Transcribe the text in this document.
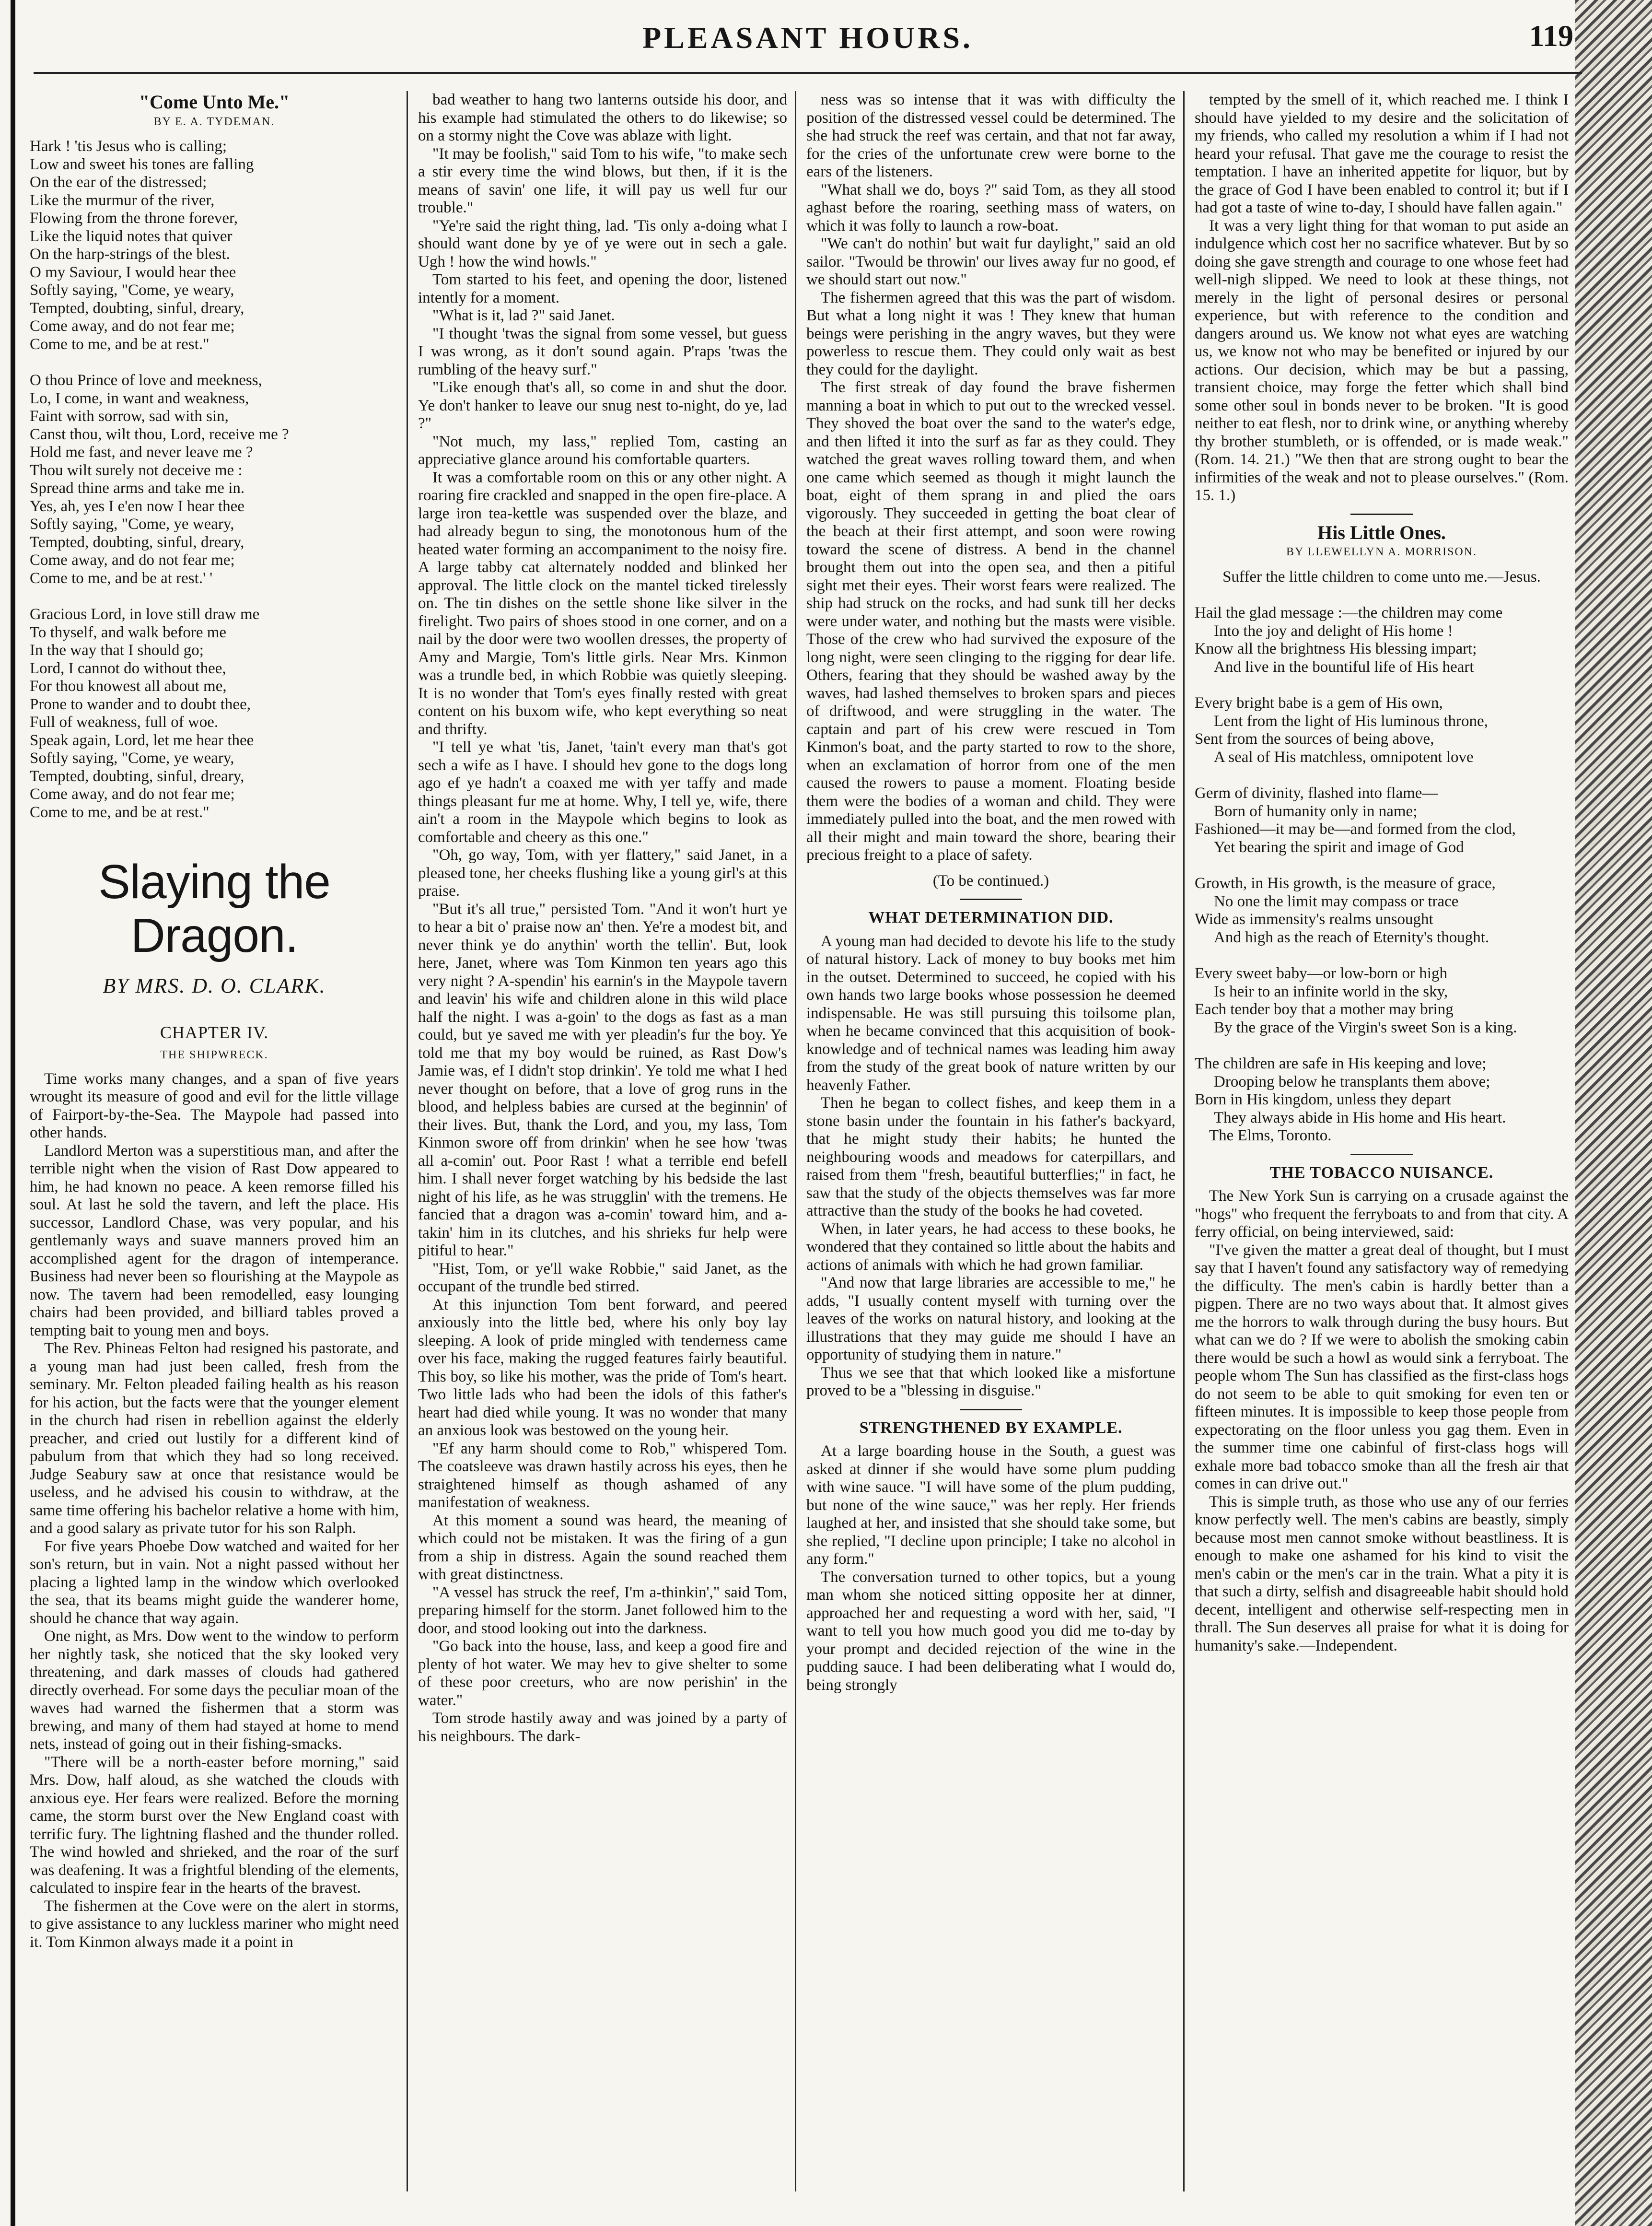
PLEASANT HOURS.	119
"Come Unto Me."
BY E. A. TYDEMAN.

Hark ! 'tis Jesus who is calling;

Low and sweet his tones are falling

On the ear of the distressed;

Like the murmur of the river,

Flowing from the throne forever,

Like the liquid notes that quiver

On the harp-strings of the blest.

O my Saviour, I would hear thee

Softly saying, "Come, ye weary,

Tempted, doubting, sinful, dreary,

Come away, and do not fear me;

Come to me, and be at rest."

O thou Prince of love and meekness,

Lo, I come, in want and weakness,

Faint with sorrow, sad with sin,

Canst thou, wilt thou, Lord, receive me ?

Hold me fast, and never leave me ?

Thou wilt surely not deceive me :

Spread thine arms and take me in.

Yes, ah, yes I e'en now I hear thee

Softly saying, "Come, ye weary,

Tempted, doubting, sinful, dreary,

Come away, and do not fear me;

Come to me, and be at rest.' '

Gracious Lord, in love still draw me

To thyself, and walk before me

In the way that I should go;

Lord, I cannot do without thee,

For thou knowest all about me,

Prone to wander and to doubt thee,

Full of weakness, full of woe.

Speak again, Lord, let me hear thee

Softly saying, "Come, ye weary,

Tempted, doubting, sinful, dreary,

Come away, and do not fear me;

Come to me, and be at rest."

Slaying the Dragon.
BY MRS. D. O. CLARK.
CHAPTER IV.
THE SHIPWRECK.

Time works many changes, and a span of five years wrought its measure of good and evil for the little village of Fairport-by-the-Sea. The Maypole had passed into other hands.

Landlord Merton was a superstitious man, and after the terrible night when the vision of Rast Dow appeared to him, he had known no peace. A keen remorse filled his soul. At last he sold the tavern, and left the place. His successor, Landlord Chase, was very popular, and his gentlemanly ways and suave manners proved him an accomplished agent for the dragon of intemperance. Business had never been so flourishing at the Maypole as now. The tavern had been remodelled, easy lounging chairs had been provided, and billiard tables proved a tempting bait to young men and boys.

The Rev. Phineas Felton had resigned his pastorate, and a young man had just been called, fresh from the seminary. Mr. Felton pleaded failing health as his reason for his action, but the facts were that the younger element in the church had risen in rebellion against the elderly preacher, and cried out lustily for a different kind of pabulum from that which they had so long received. Judge Seabury saw at once that resistance would be useless, and he advised his cousin to withdraw, at the same time offering his bachelor relative a home with him, and a good salary as private tutor for his son Ralph.

For five years Phoebe Dow watched and waited for her son's return, but in vain. Not a night passed without her placing a lighted lamp in the window which overlooked the sea, that its beams might guide the wanderer home, should he chance that way again.

One night, as Mrs. Dow went to the window to perform her nightly task, she noticed that the sky looked very threatening, and dark masses of clouds had gathered directly overhead. For some days the peculiar moan of the waves had warned the fishermen that a storm was brewing, and many of them had stayed at home to mend nets, instead of going out in their fishing-smacks.

"There will be a north-easter before morning," said Mrs. Dow, half aloud, as she watched the clouds with anxious eye. Her fears were realized. Before the morning came, the storm burst over the New England coast with terrific fury. The lightning flashed and the thunder rolled. The wind howled and shrieked, and the roar of the surf was deafening. It was a frightful blending of the elements, calculated to inspire fear in the hearts of the bravest.

The fishermen at the Cove were on the alert in storms, to give assistance to any luckless mariner who might need it. Tom Kinmon always made it a point in

bad weather to hang two lanterns outside his door, and his example had stimulated the others to do likewise; so on a stormy night the Cove was ablaze with light.

"It may be foolish," said Tom to his wife, "to make sech a stir every time the wind blows, but then, if it is the means of savin' one life, it will pay us well fur our trouble."

"Ye're said the right thing, lad. 'Tis only a-doing what I should want done by ye of ye were out in sech a gale. Ugh ! how the wind howls."

Tom started to his feet, and opening the door, listened intently for a moment.

"What is it, lad ?" said Janet.

"I thought 'twas the signal from some vessel, but guess I was wrong, as it don't sound again. P'raps 'twas the rumbling of the heavy surf."

"Like enough that's all, so come in and shut the door. Ye don't hanker to leave our snug nest to-night, do ye, lad ?"

"Not much, my lass," replied Tom, casting an appreciative glance around his comfortable quarters.

It was a comfortable room on this or any other night. A roaring fire crackled and snapped in the open fire-place. A large iron tea-kettle was suspended over the blaze, and had already begun to sing, the monotonous hum of the heated water forming an accompaniment to the noisy fire. A large tabby cat alternately nodded and blinked her approval. The little clock on the mantel ticked tirelessly on. The tin dishes on the settle shone like silver in the firelight. Two pairs of shoes stood in one corner, and on a nail by the door were two woollen dresses, the property of Amy and Margie, Tom's little girls. Near Mrs. Kinmon was a trundle bed, in which Robbie was quietly sleeping. It is no wonder that Tom's eyes finally rested with great content on his buxom wife, who kept everything so neat and thrifty.

"I tell ye what 'tis, Janet, 'tain't every man that's got sech a wife as I have. I should hev gone to the dogs long ago ef ye hadn't a coaxed me with yer taffy and made things pleasant fur me at home. Why, I tell ye, wife, there ain't a room in the Maypole which begins to look as comfortable and cheery as this one."

"Oh, go way, Tom, with yer flattery," said Janet, in a pleased tone, her cheeks flushing like a young girl's at this praise.

"But it's all true," persisted Tom. "And it won't hurt ye to hear a bit o' praise now an' then. Ye're a modest bit, and never think ye do anythin' worth the tellin'. But, look here, Janet, where was Tom Kinmon ten years ago this very night ? A-spendin' his earnin's in the Maypole tavern and leavin' his wife and children alone in this wild place half the night. I was a-goin' to the dogs as fast as a man could, but ye saved me with yer pleadin's fur the boy. Ye told me that my boy would be ruined, as Rast Dow's Jamie was, ef I didn't stop drinkin'. Ye told me what I hed never thought on before, that a love of grog runs in the blood, and helpless babies are cursed at the beginnin' of their lives. But, thank the Lord, and you, my lass, Tom Kinmon swore off from drinkin' when he see how 'twas all a-comin' out. Poor Rast ! what a terrible end befell him. I shall never forget watching by his bedside the last night of his life, as he was strugglin' with the tremens. He fancied that a dragon was a-comin' toward him, and a-takin' him in its clutches, and his shrieks fur help were pitiful to hear."

"Hist, Tom, or ye'll wake Robbie," said Janet, as the occupant of the trundle bed stirred.

At this injunction Tom bent forward, and peered anxiously into the little bed, where his only boy lay sleeping. A look of pride mingled with tenderness came over his face, making the rugged features fairly beautiful. This boy, so like his mother, was the pride of Tom's heart. Two little lads who had been the idols of this father's heart had died while young. It was no wonder that many an anxious look was bestowed on the young heir.

"Ef any harm should come to Rob," whispered Tom. The coatsleeve was drawn hastily across his eyes, then he straightened himself as though ashamed of any manifestation of weakness.

At this moment a sound was heard, the meaning of which could not be mistaken. It was the firing of a gun from a ship in distress. Again the sound reached them with great distinctness.

"A vessel has struck the reef, I'm a-thinkin'," said Tom, preparing himself for the storm. Janet followed him to the door, and stood looking out into the darkness.

"Go back into the house, lass, and keep a good fire and plenty of hot water. We may hev to give shelter to some of these poor creeturs, who are now perishin' in the water."

Tom strode hastily away and was joined by a party of his neighbours. The dark-

ness was so intense that it was with difficulty the position of the distressed vessel could be determined. The she had struck the reef was certain, and that not far away, for the cries of the unfortunate crew were borne to the ears of the listeners.

"What shall we do, boys ?" said Tom, as they all stood aghast before the roaring, seething mass of waters, on which it was folly to launch a row-boat.

"We can't do nothin' but wait fur daylight," said an old sailor. "Twould be throwin' our lives away fur no good, ef we should start out now."

The fishermen agreed that this was the part of wisdom. But what a long night it was ! They knew that human beings were perishing in the angry waves, but they were powerless to rescue them. They could only wait as best they could for the daylight.

The first streak of day found the brave fishermen manning a boat in which to put out to the wrecked vessel. They shoved the boat over the sand to the water's edge, and then lifted it into the surf as far as they could. They watched the great waves rolling toward them, and when one came which seemed as though it might launch the boat, eight of them sprang in and plied the oars vigorously. They succeeded in getting the boat clear of the beach at their first attempt, and soon were rowing toward the scene of distress. A bend in the channel brought them out into the open sea, and then a pitiful sight met their eyes. Their worst fears were realized. The ship had struck on the rocks, and had sunk till her decks were under water, and nothing but the masts were visible. Those of the crew who had survived the exposure of the long night, were seen clinging to the rigging for dear life. Others, fearing that they should be washed away by the waves, had lashed themselves to broken spars and pieces of driftwood, and were struggling in the water. The captain and part of his crew were rescued in Tom Kinmon's boat, and the party started to row to the shore, when an exclamation of horror from one of the men caused the rowers to pause a moment. Floating beside them were the bodies of a woman and child. They were immediately pulled into the boat, and the men rowed with all their might and main toward the shore, bearing their precious freight to a place of safety.

(To be continued.)

WHAT DETERMINATION DID.

A young man had decided to devote his life to the study of natural history. Lack of money to buy books met him in the outset. Determined to succeed, he copied with his own hands two large books whose possession he deemed indispensable. He was still pursuing this toilsome plan, when he became convinced that this acquisition of book-knowledge and of technical names was leading him away from the study of the great book of nature written by our heavenly Father.

Then he began to collect fishes, and keep them in a stone basin under the fountain in his father's backyard, that he might study their habits; he hunted the neighbouring woods and meadows for caterpillars, and raised from them "fresh, beautiful butterflies;" in fact, he saw that the study of the objects themselves was far more attractive than the study of the books he had coveted.

When, in later years, he had access to these books, he wondered that they contained so little about the habits and actions of animals with which he had grown familiar.

"And now that large libraries are accessible to me," he adds, "I usually content myself with turning over the leaves of the works on natural history, and looking at the illustrations that they may guide me should I have an opportunity of studying them in nature."

Thus we see that that which looked like a misfortune proved to be a "blessing in disguise."

STRENGTHENED BY EXAMPLE.

At a large boarding house in the South, a guest was asked at dinner if she would have some plum pudding with wine sauce. "I will have some of the plum pudding, but none of the wine sauce," was her reply. Her friends laughed at her, and insisted that she should take some, but she replied, "I decline upon principle; I take no alcohol in any form."

The conversation turned to other topics, but a young man whom she noticed sitting opposite her at dinner, approached her and requesting a word with her, said, "I want to tell you how much good you did me to-day by your prompt and decided rejection of the wine in the pudding sauce. I had been deliberating what I would do, being strongly

tempted by the smell of it, which reached me. I think I should have yielded to my desire and the solicitation of my friends, who called my resolution a whim if I had not heard your refusal. That gave me the courage to resist the temptation. I have an inherited appetite for liquor, but by the grace of God I have been enabled to control it; but if I had got a taste of wine to-day, I should have fallen again."

It was a very light thing for that woman to put aside an indulgence which cost her no sacrifice whatever. But by so doing she gave strength and courage to one whose feet had well-nigh slipped. We need to look at these things, not merely in the light of personal desires or personal experience, but with reference to the condition and dangers around us. We know not what eyes are watching us, we know not who may be benefited or injured by our actions. Our decision, which may be but a passing, transient choice, may forge the fetter which shall bind some other soul in bonds never to be broken. "It is good neither to eat flesh, nor to drink wine, or anything whereby thy brother stumbleth, or is offended, or is made weak." (Rom. 14. 21.) "We then that are strong ought to bear the infirmities of the weak and not to please ourselves." (Rom. 15. 1.)

His Little Ones.
BY LLEWELLYN A. MORRISON.

Suffer the little children to come unto me.—Jesus.

Hail the glad message :—the children may come

Into the joy and delight of His home !

Know all the brightness His blessing impart;

And live in the bountiful life of His heart

Every bright babe is a gem of His own,

Lent from the light of His luminous throne,

Sent from the sources of being above,

A seal of His matchless, omnipotent love

Germ of divinity, flashed into flame—

Born of humanity only in name;

Fashioned—it may be—and formed from the clod,

Yet bearing the spirit and image of God

Growth, in His growth, is the measure of grace,

No one the limit may compass or trace

Wide as immensity's realms unsought

And high as the reach of Eternity's thought.

Every sweet baby—or low-born or high

Is heir to an infinite world in the sky,

Each tender boy that a mother may bring

By the grace of the Virgin's sweet Son is a king.

The children are safe in His keeping and love;

Drooping below he transplants them above;

Born in His kingdom, unless they depart

They always abide in His home and His heart.

The Elms, Toronto.

THE TOBACCO NUISANCE.

The New York Sun is carrying on a crusade against the "hogs" who frequent the ferryboats to and from that city. A ferry official, on being interviewed, said:

"I've given the matter a great deal of thought, but I must say that I haven't found any satisfactory way of remedying the difficulty. The men's cabin is hardly better than a pigpen. There are no two ways about that. It almost gives me the horrors to walk through during the busy hours. But what can we do ? If we were to abolish the smoking cabin there would be such a howl as would sink a ferryboat. The people whom The Sun has classified as the first-class hogs do not seem to be able to quit smoking for even ten or fifteen minutes. It is impossible to keep those people from expectorating on the floor unless you gag them. Even in the summer time one cabinful of first-class hogs will exhale more bad tobacco smoke than all the fresh air that comes in can drive out."

This is simple truth, as those who use any of our ferries know perfectly well. The men's cabins are beastly, simply because most men cannot smoke without beastliness. It is enough to make one ashamed for his kind to visit the men's cabin or the men's car in the train. What a pity it is that such a dirty, selfish and disagreeable habit should hold decent, intelligent and otherwise self-respecting men in thrall. The Sun deserves all praise for what it is doing for humanity's sake.—Independent.
